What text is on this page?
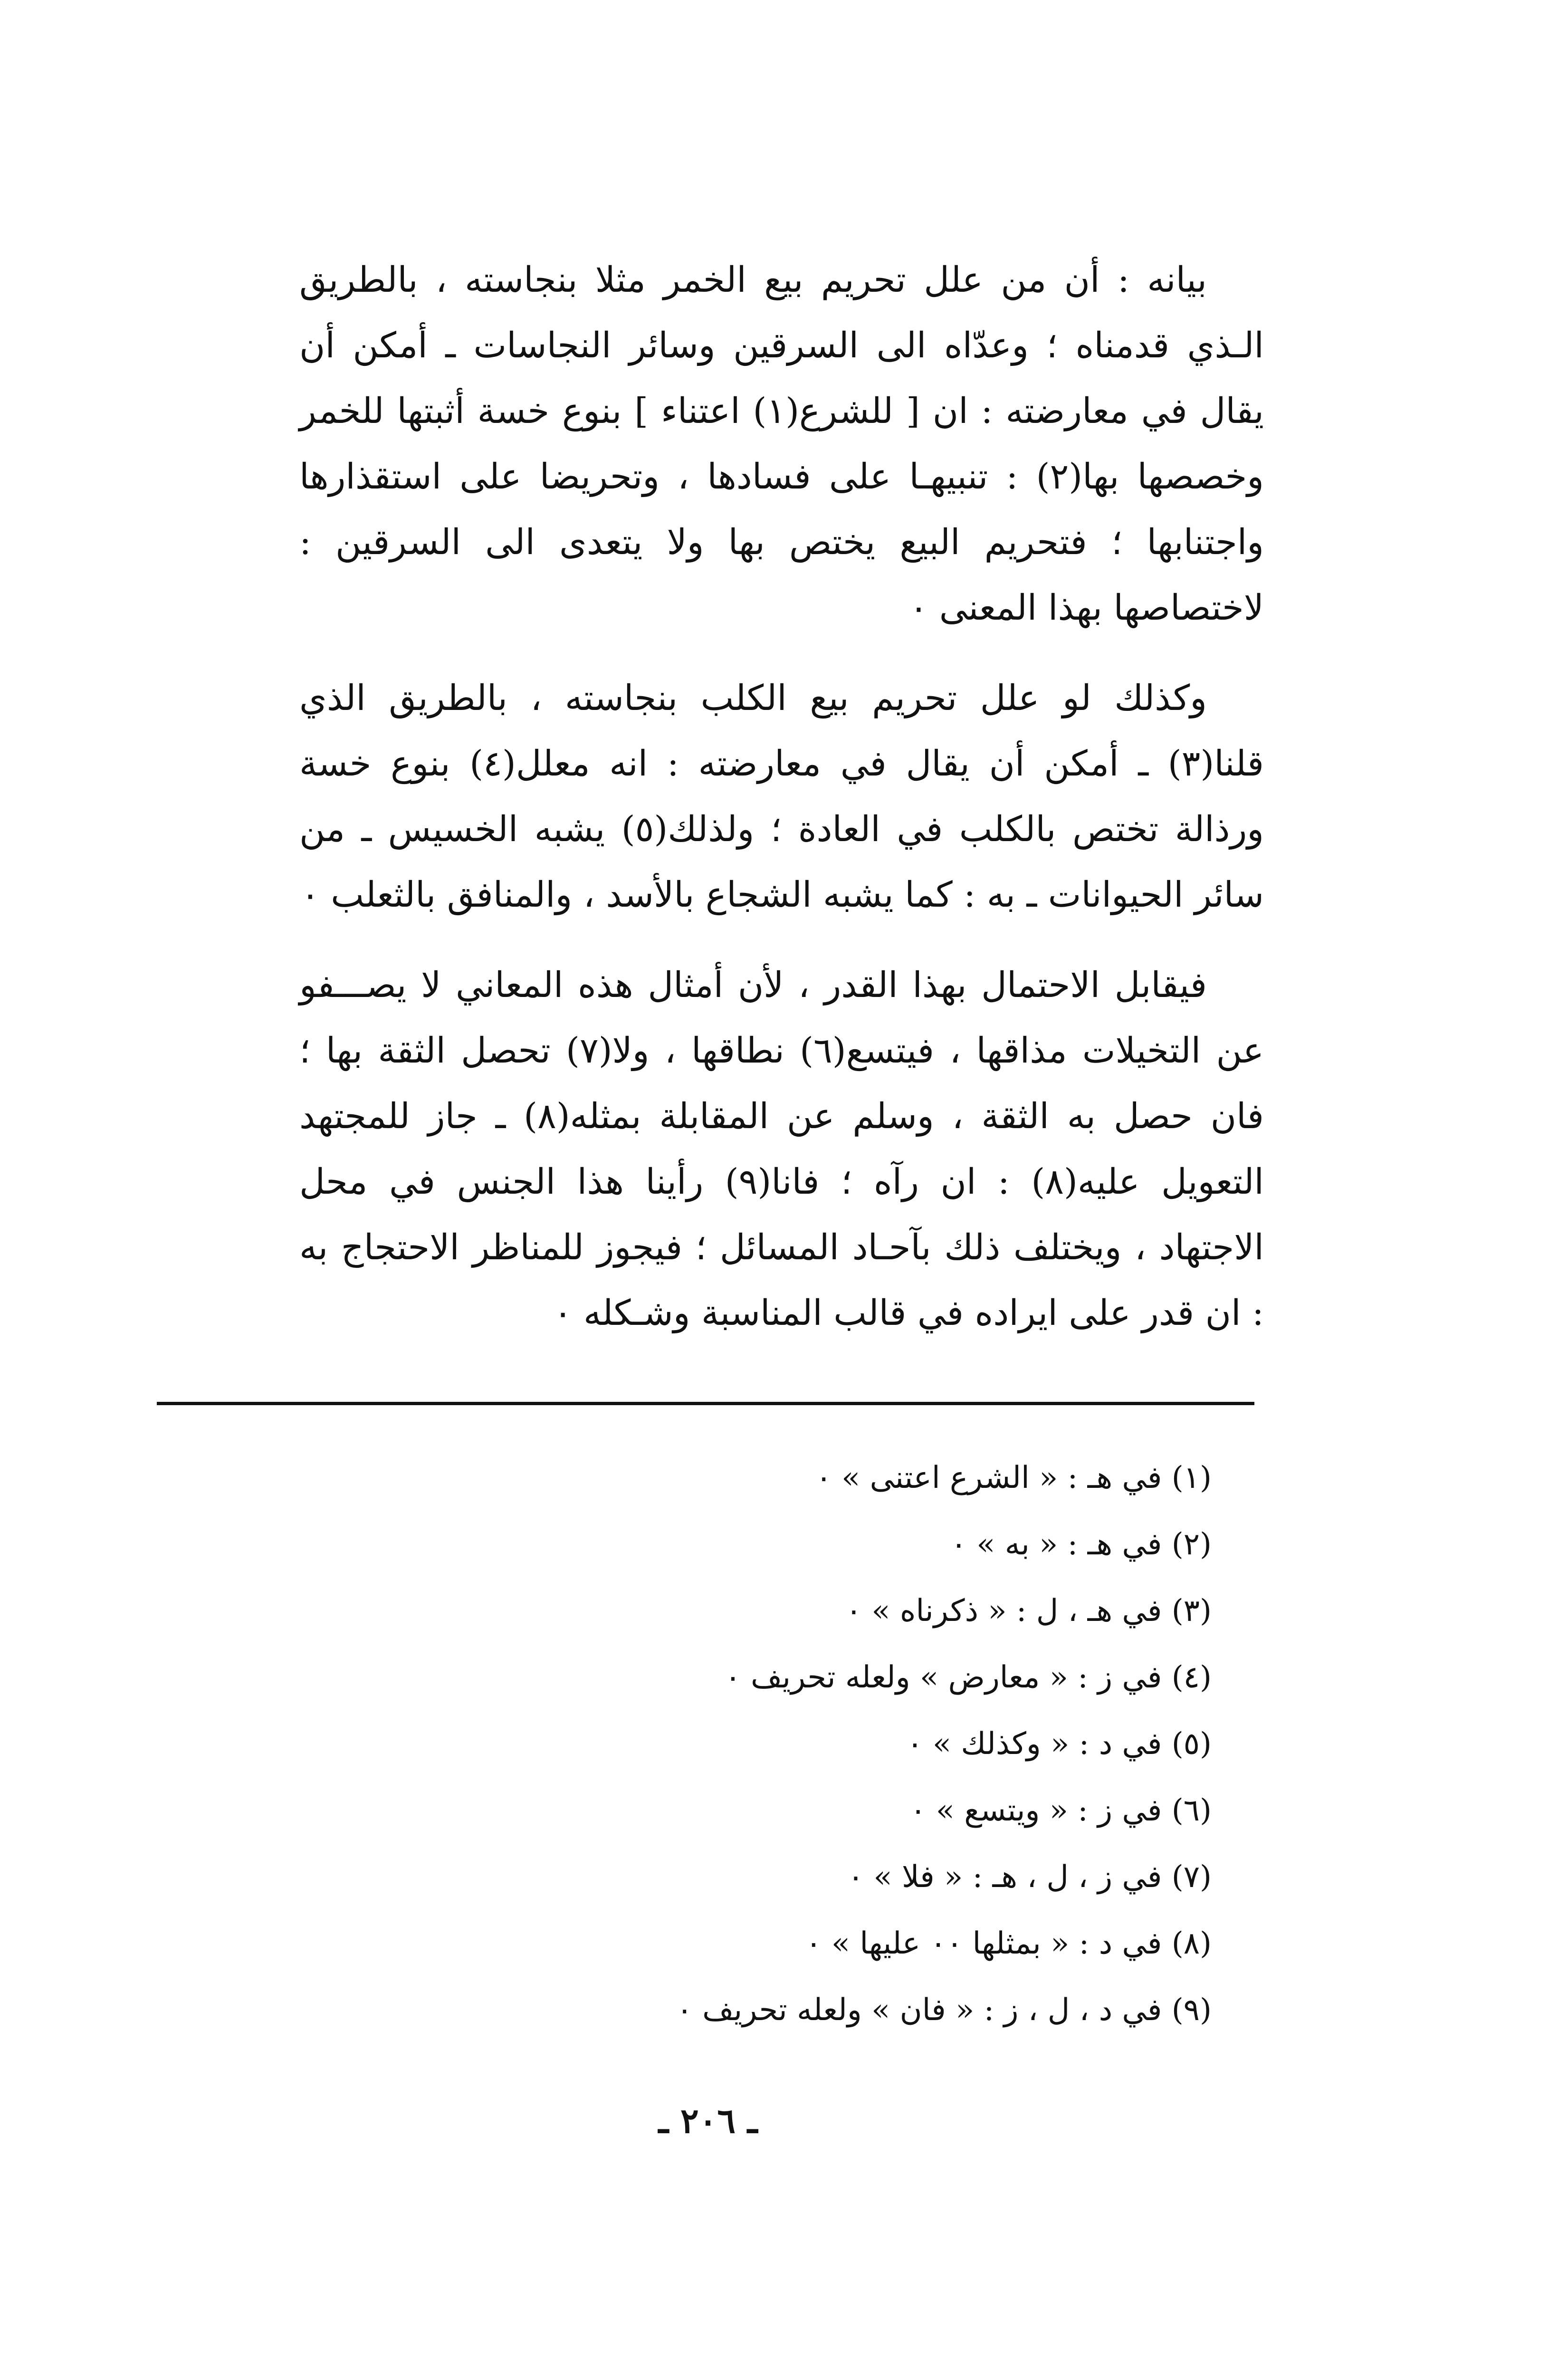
بيانه : أن من علل تحريم بيع الخمر مثلا بنجاسته ، بالطريق الـذي قدمناه ؛ وعدّاه الى السرقين وسائر النجاسات ـ أمكن أن يقال في معارضته : ان [ للشرع(١) اعتناء ] بنوع خسة أثبتها للخمر وخصصها بها(٢) : تنبيهـا على فسادها ، وتحريضا على استقذارها واجتنابها ؛ فتحريم البيع يختص بها ولا يتعدى الى السرقين : لاختصاصها بهذا المعنى ٠

وكذلك لو علل تحريم بيع الكلب بنجاسته ، بالطريق الذي قلنا(٣) ـ أمكن أن يقال في معارضته : انه معلل(٤) بنوع خسة ورذالة تختص بالكلب في العادة ؛ ولذلك(٥) يشبه الخسيس ـ من سائر الحيوانات ـ به : كما يشبه الشجاع بالأسد ، والمنافق بالثعلب ٠

فيقابل الاحتمال بهذا القدر ، لأن أمثال هذه المعاني لا يصـــفو عن التخيلات مذاقها ، فيتسع(٦) نطاقها ، ولا(٧) تحصل الثقة بها ؛ فان حصل به الثقة ، وسلم عن المقابلة بمثله(٨) ـ جاز للمجتهد التعويل عليه(٨) : ان رآه ؛ فانا(٩) رأينا هذا الجنس في محل الاجتهاد ، ويختلف ذلك بآحـاد المسائل ؛ فيجوز للمناظر الاحتجاج به : ان قدر على ايراده في قالب المناسبة وشـكله ٠

(١) في هـ : « الشرع اعتنى » ٠
(٢) في هـ : « به » ٠
(٣) في هـ ، ل : « ذكرناه » ٠
(٤) في ز : « معارض » ولعله تحريف ٠
(٥) في د : « وكذلك » ٠
(٦) في ز : « ويتسع » ٠
(٧) في ز ، ل ، هـ : « فلا » ٠
(٨) في د : « بمثلها ٠٠ عليها » ٠
(٩) في د ، ل ، ز : « فان » ولعله تحريف ٠
ـ ٢٠٦ ـ
